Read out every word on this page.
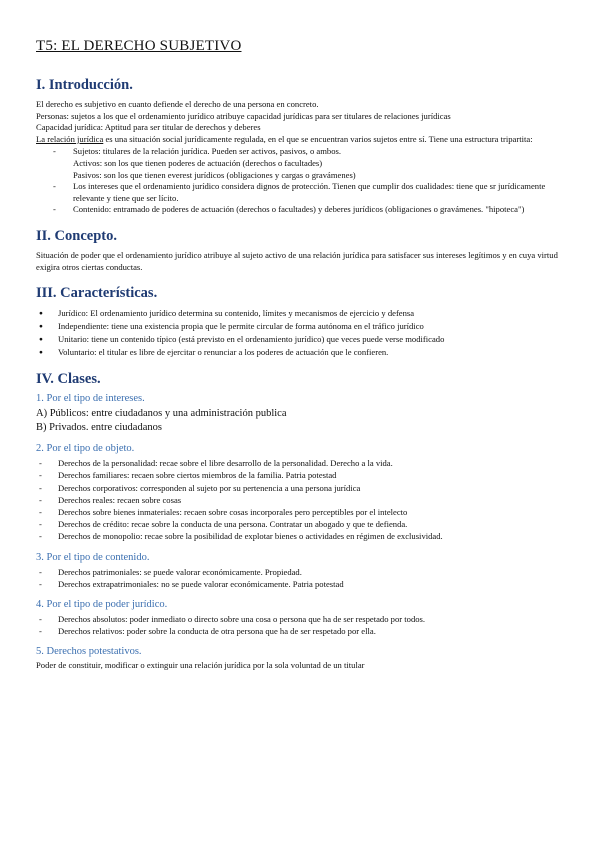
T5: EL DERECHO SUBJETIVO
I. Introducción.

El derecho es subjetivo en cuanto defiende el derecho de una persona en concreto.

Personas: sujetos a los que el ordenamiento jurídico atribuye capacidad jurídicas para ser titulares de relaciones jurídicas

Capacidad jurídica: Aptitud para ser titular de derechos y deberes

La relación jurídica es una situación social jurídicamente regulada, en el que se encuentran varios sujetos entre sí. Tiene una estructura tripartita:

- Sujetos: titulares de la relación jurídica. Pueden ser activos, pasivos, o ambos.
Activos: son los que tienen poderes de actuación (derechos o facultades)
Pasivos: son los que tienen everest jurídicos (obligaciones y cargas o gravámenes)
- Los intereses que el ordenamiento jurídico considera dignos de protección. Tienen que cumplir dos cualidades: tiene que sr jurídicamente relevante y tiene que ser lícito.
- Contenido: entramado de poderes de actuación (derechos o facultades) y deberes jurídicos (obligaciones o gravámenes. "hipoteca")
II. Concepto.

Situación de poder que el ordenamiento jurídico atribuye al sujeto activo de una relación jurídica para satisfacer sus intereses legítimos y en cuya virtud exigira otros ciertas conductas.

III. Características.
● Jurídico: El ordenamiento jurídico determina su contenido, límites y mecanismos de ejercicio y defensa
● Independiente: tiene una existencia propia que le permite circular de forma autónoma en el tráfico jurídico
● Unitario: tiene un contenido típico (está previsto en el ordenamiento jurídico) que veces puede verse modificado
● Voluntario: el titular es libre de ejercitar o renunciar a los poderes de actuación que le confieren.
IV. Clases.
1. Por el tipo de intereses.

A) Públicos: entre ciudadanos y una administración publica

B) Privados. entre ciudadanos

2. Por el tipo de objeto.
- Derechos de la personalidad: recae sobre el libre desarrollo de la personalidad. Derecho a la vida.
- Derechos familiares: recaen sobre ciertos miembros de la familia. Patria potestad
- Derechos corporativos: corresponden al sujeto por su pertenencia a una persona jurídica
- Derechos reales: recaen sobre cosas
- Derechos sobre bienes inmateriales: recaen sobre cosas incorporales pero perceptibles por el intelecto
- Derechos de crédito: recae sobre la conducta de una persona. Contratar un abogado y que te defienda.
- Derechos de monopolio: recae sobre la posibilidad de explotar bienes o actividades en régimen de exclusividad.
3. Por el tipo de contenido.
- Derechos patrimoniales: se puede valorar económicamente. Propiedad.
- Derechos extrapatrimoniales: no se puede valorar económicamente. Patria potestad
4. Por el tipo de poder jurídico.
- Derechos absolutos: poder inmediato o directo sobre una cosa o persona que ha de ser respetado por todos.
- Derechos relativos: poder sobre la conducta de otra persona que ha de ser respetado por ella.
5. Derechos potestativos.

Poder de constituir, modificar o extinguir una relación jurídica por la sola voluntad de un titular
